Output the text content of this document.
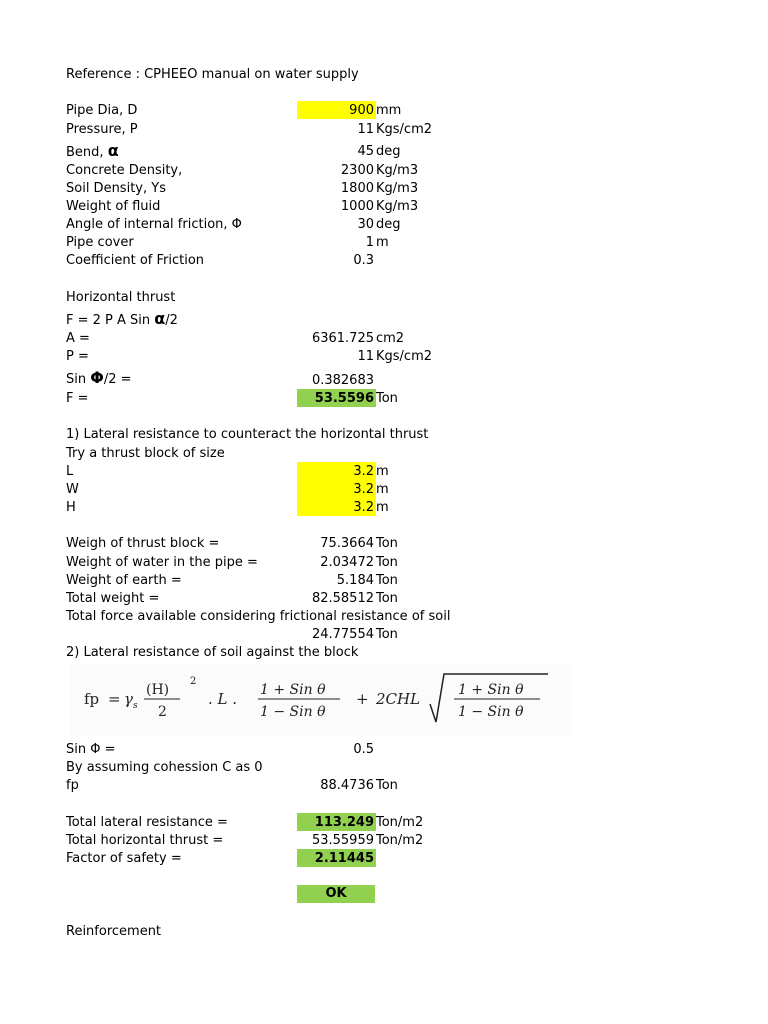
Reference : CPHEEO manual on water supply
Pipe Dia, D	900 mm
Pressure, P	11 Kgs/cm2
Bend, α	45 deg
Concrete Density,	2300 Kg/m3
Soil Density, Ys	1800 Kg/m3
Weight of fluid	1000 Kg/m3
Angle of internal friction, Φ	30 deg
Pipe cover	1 m
Coefficient of Friction	0.3
Horizontal thrust
F = 2 P A Sin α/2
A =	6361.725 cm2
P =	11 Kgs/cm2
Sin Φ/2 =	0.382683
F =	53.5596 Ton
1) Lateral resistance to counteract the horizontal thrust
Try a thrust block of size
L	3.2 m
W	3.2 m
H	3.2 m
Weigh of thrust block =	75.3664 Ton
Weight of water in the pipe =	2.03472 Ton
Weight of earth =	5.184 Ton
Total weight =	82.58512 Ton
Total force available considering frictional resistance of soil
24.77554 Ton
2) Lateral resistance of soil against the block
fp = γ s
(H)
2
2
. L . 1 + Sin θ
1 − Sin θ
+ 2CHL	1 + Sin θ
1 − Sin θ
Sin Φ =	0.5
By assuming cohession C as 0
fp	88.4736 Ton
Total lateral resistance =	113.249 Ton/m2
Total horizontal thrust =	53.55959 Ton/m2
Factor of safety =	2.11445
OK
Reinforcement
